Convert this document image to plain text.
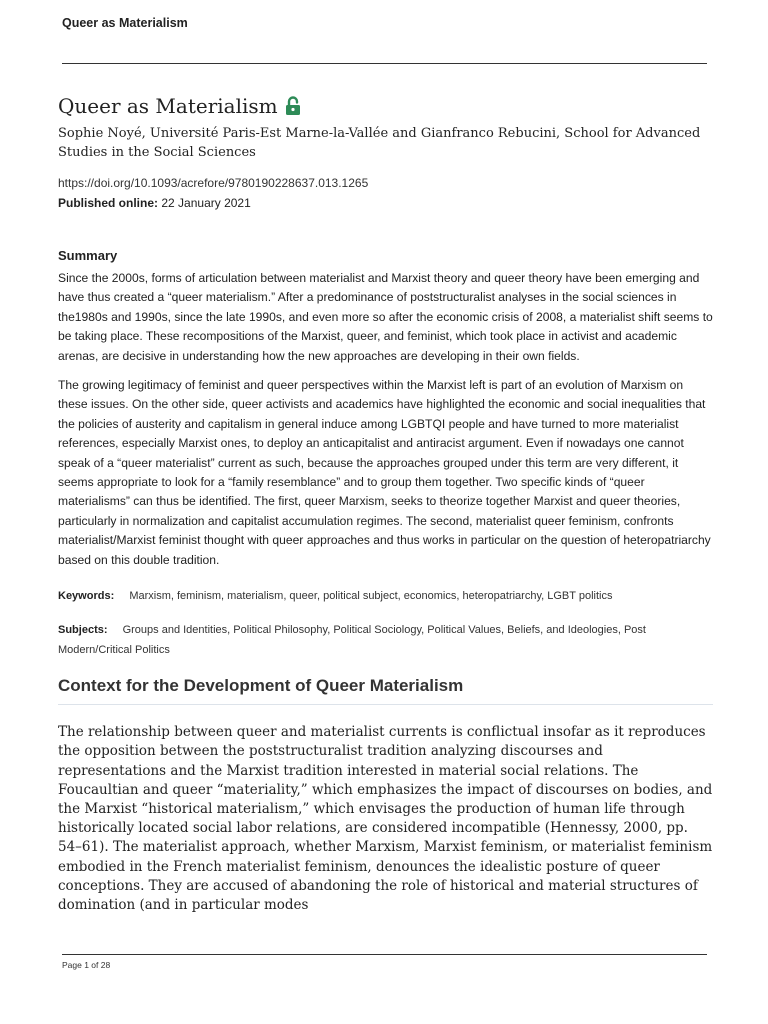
Queer as Materialism
Queer as Materialism
Sophie Noyé, Université Paris-Est Marne-la-Vallée and Gianfranco Rebucini, School for Advanced Studies in the Social Sciences
https://doi.org/10.1093/acrefore/9780190228637.013.1265
Published online: 22 January 2021
Summary

Since the 2000s, forms of articulation between materialist and Marxist theory and queer theory have been emerging and have thus created a “queer materialism.” After a predominance of poststructuralist analyses in the social sciences in the1980s and 1990s, since the late 1990s, and even more so after the economic crisis of 2008, a materialist shift seems to be taking place. These recompositions of the Marxist, queer, and feminist, which took place in activist and academic arenas, are decisive in understanding how the new approaches are developing in their own fields.

The growing legitimacy of feminist and queer perspectives within the Marxist left is part of an evolution of Marxism on these issues. On the other side, queer activists and academics have highlighted the economic and social inequalities that the policies of austerity and capitalism in general induce among LGBTQI people and have turned to more materialist references, especially Marxist ones, to deploy an anticapitalist and antiracist argument. Even if nowadays one cannot speak of a “queer materialist” current as such, because the approaches grouped under this term are very different, it seems appropriate to look for a “family resemblance” and to group them together. Two specific kinds of “queer materialisms” can thus be identified. The first, queer Marxism, seeks to theorize together Marxist and queer theories, particularly in normalization and capitalist accumulation regimes. The second, materialist queer feminism, confronts materialist/Marxist feminist thought with queer approaches and thus works in particular on the question of heteropatriarchy based on this double tradition.

Keywords: Marxism, feminism, materialism, queer, political subject, economics, heteropatriarchy, LGBT politics
Subjects: Groups and Identities, Political Philosophy, Political Sociology, Political Values, Beliefs, and Ideologies, Post Modern/Critical Politics
Context for the Development of Queer Materialism

The relationship between queer and materialist currents is conflictual insofar as it reproduces the opposition between the poststructuralist tradition analyzing discourses and representations and the Marxist tradition interested in material social relations. The Foucaultian and queer “materiality,” which emphasizes the impact of discourses on bodies, and the Marxist “historical materialism,” which envisages the production of human life through historically located social labor relations, are considered incompatible (Hennessy, 2000, pp. 54–61). The materialist approach, whether Marxism, Marxist feminism, or materialist feminism embodied in the French materialist feminism, denounces the idealistic posture of queer conceptions. They are accused of abandoning the role of historical and material structures of domination (and in particular modes

Page 1 of 28
